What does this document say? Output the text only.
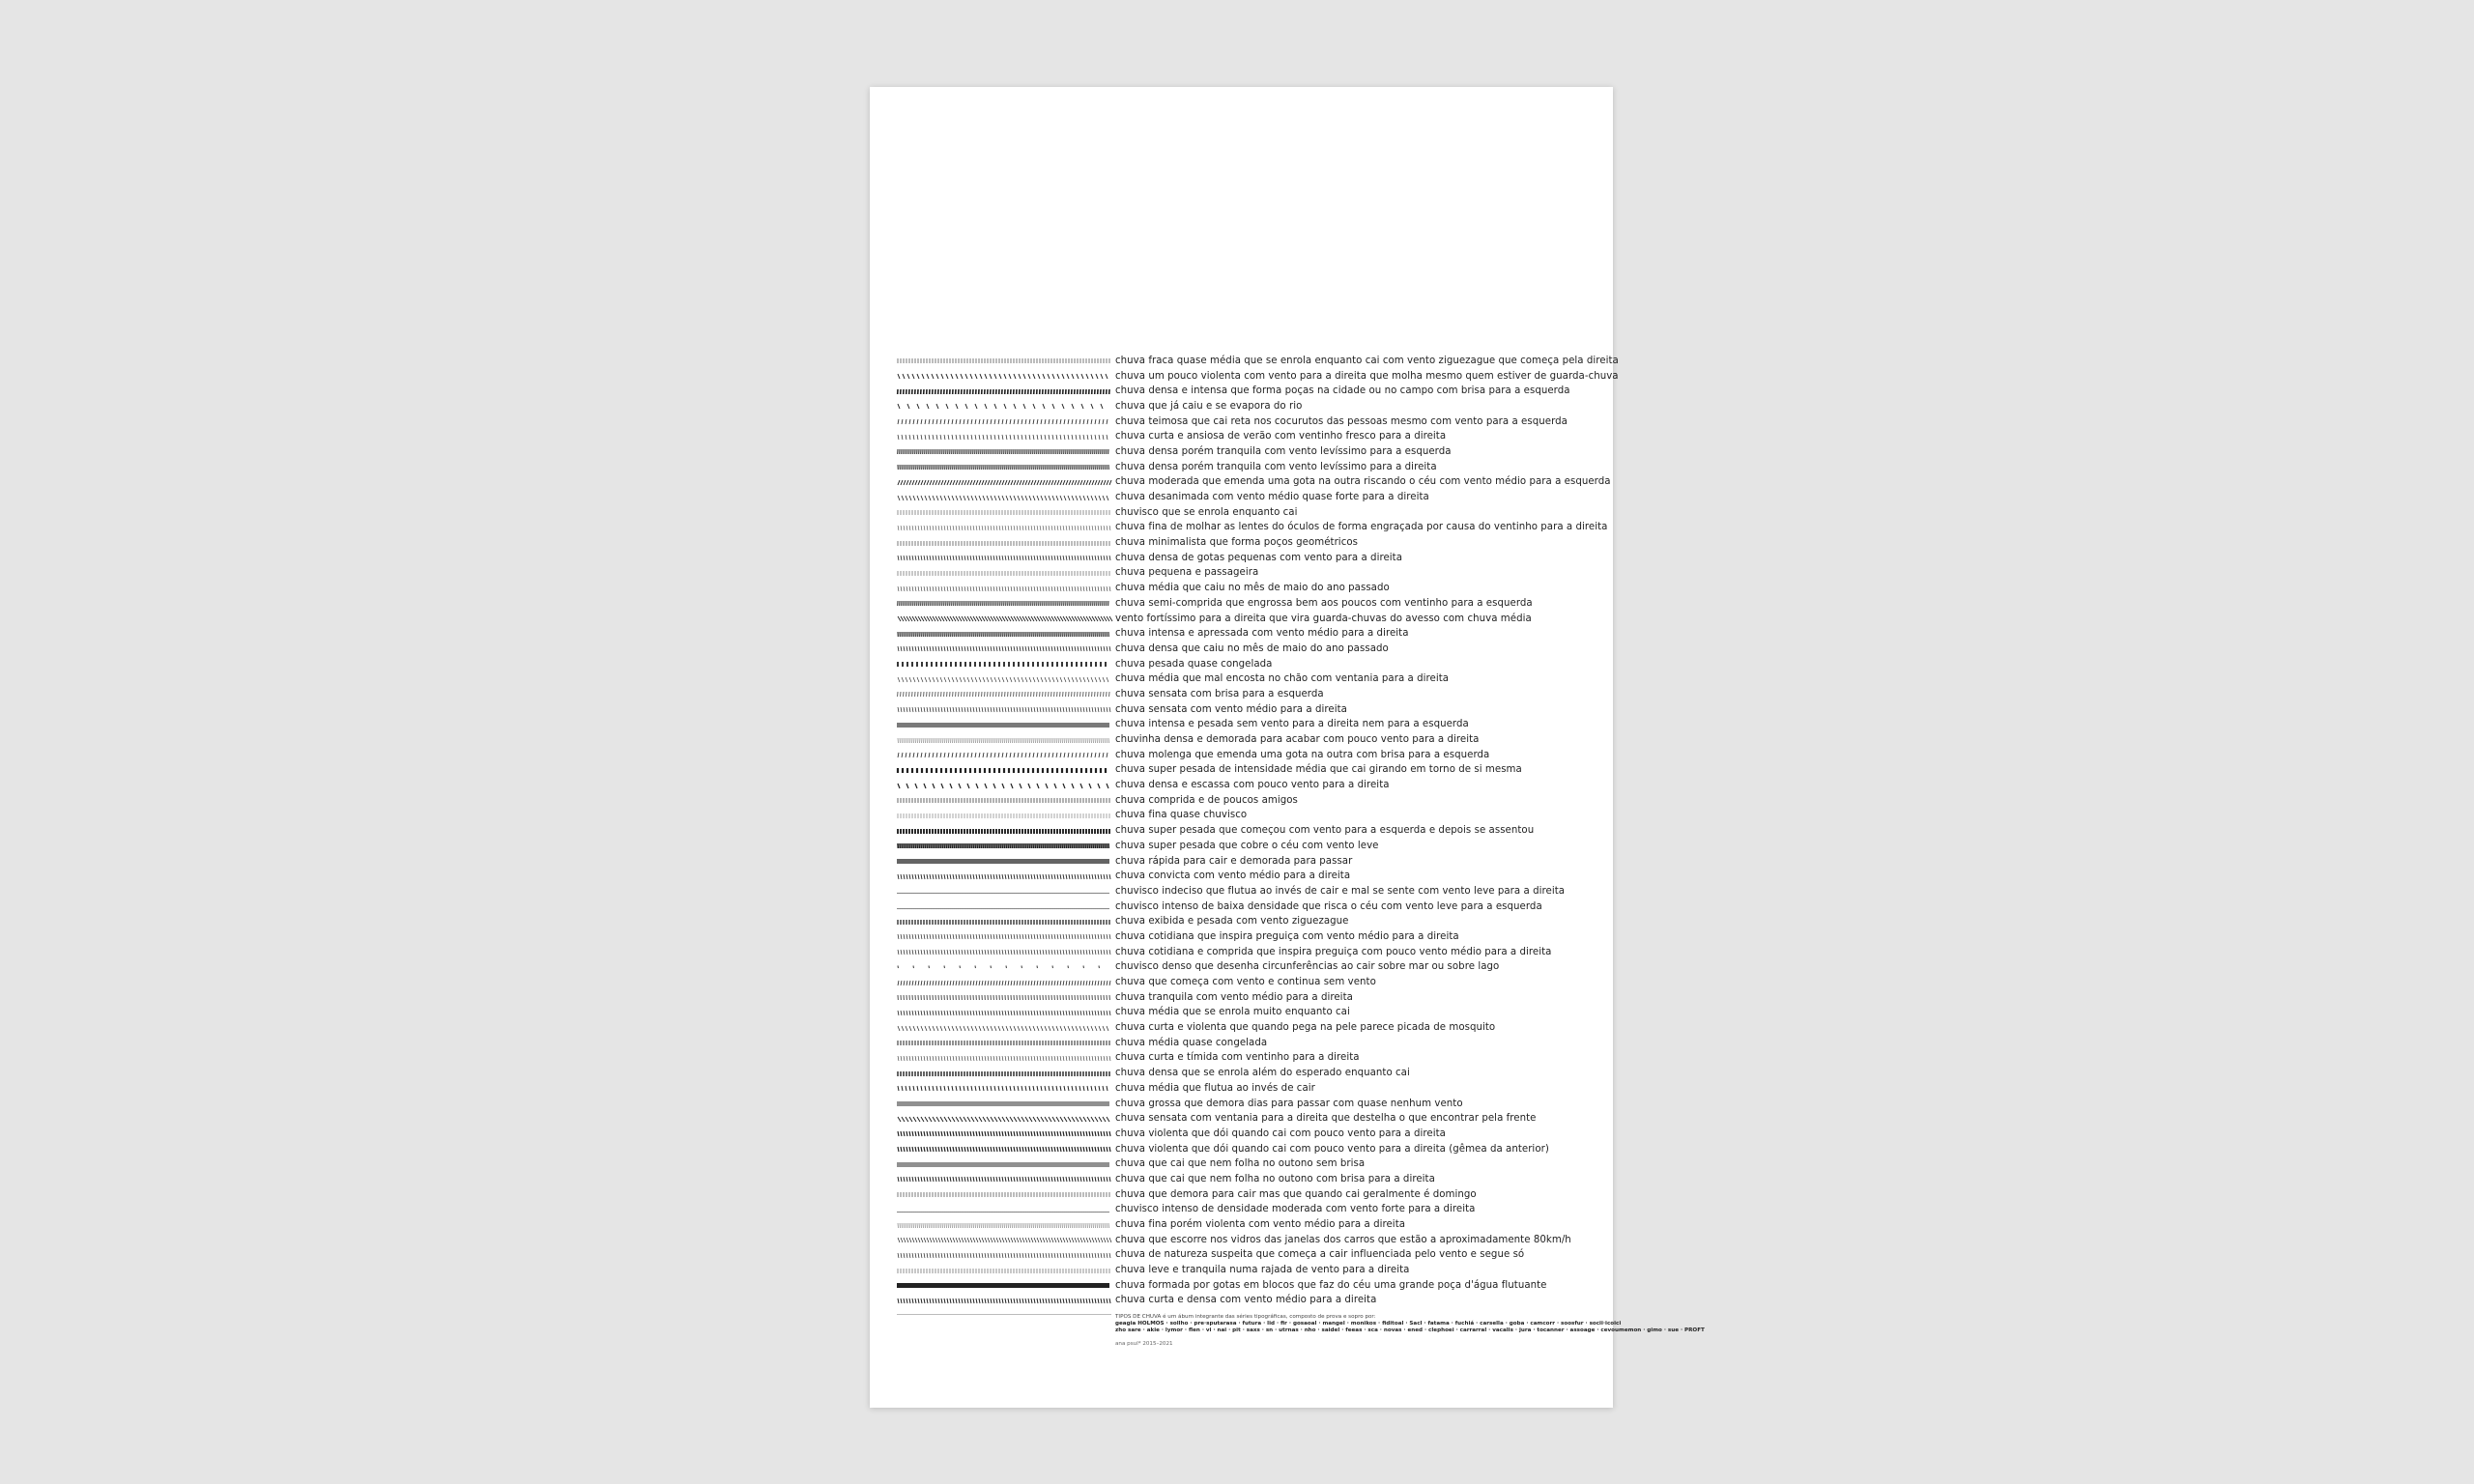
chuva fraca quase média que se enrola enquanto cai com vento ziguezague que começa pela direita
chuva um pouco violenta com vento para a direita que molha mesmo quem estiver de guarda-chuva
chuva densa e intensa que forma poças na cidade ou no campo com brisa para a esquerda
chuva que já caiu e se evapora do rio
chuva teimosa que cai reta nos cocurutos das pessoas mesmo com vento para a esquerda
chuva curta e ansiosa de verão com ventinho fresco para a direita
chuva densa porém tranquila com vento levíssimo para a esquerda
chuva densa porém tranquila com vento levíssimo para a direita
chuva moderada que emenda uma gota na outra riscando o céu com vento médio para a esquerda
chuva desanimada com vento médio quase forte para a direita
chuvisco que se enrola enquanto cai
chuva fina de molhar as lentes do óculos de forma engraçada por causa do ventinho para a direita
chuva minimalista que forma poços geométricos
chuva densa de gotas pequenas com vento para a direita
chuva pequena e passageira
chuva média que caiu no mês de maio do ano passado
chuva semi-comprida que engrossa bem aos poucos com ventinho para a esquerda
vento fortíssimo para a direita que vira guarda-chuvas do avesso com chuva média
chuva intensa e apressada com vento médio para a direita
chuva densa que caiu no mês de maio do ano passado
chuva pesada quase congelada
chuva média que mal encosta no chão com ventania para a direita
chuva sensata com brisa para a esquerda
chuva sensata com vento médio para a direita
chuva intensa e pesada sem vento para a direita nem para a esquerda
chuvinha densa e demorada para acabar com pouco vento para a direita
chuva molenga que emenda uma gota na outra com brisa para a esquerda
chuva super pesada de intensidade média que cai girando em torno de si mesma
chuva densa e escassa com pouco vento para a direita
chuva comprida e de poucos amigos
chuva fina quase chuvisco
chuva super pesada que começou com vento para a esquerda e depois se assentou
chuva super pesada que cobre o céu com vento leve
chuva rápida para cair e demorada para passar
chuva convicta com vento médio para a direita
chuvisco indeciso que flutua ao invés de cair e mal se sente com vento leve para a direita
chuvisco intenso de baixa densidade que risca o céu com vento leve para a esquerda
chuva exibida e pesada com vento ziguezague
chuva cotidiana que inspira preguiça com vento médio para a direita
chuva cotidiana e comprida que inspira preguiça com pouco vento médio para a direita
chuvisco denso que desenha circunferências ao cair sobre mar ou sobre lago
chuva que começa com vento e continua sem vento
chuva tranquila com vento médio para a direita
chuva média que se enrola muito enquanto cai
chuva curta e violenta que quando pega na pele parece picada de mosquito
chuva média quase congelada
chuva curta e tímida com ventinho para a direita
chuva densa que se enrola além do esperado enquanto cai
chuva média que flutua ao invés de cair
chuva grossa que demora dias para passar com quase nenhum vento
chuva sensata com ventania para a direita que destelha o que encontrar pela frente
chuva violenta que dói quando cai com pouco vento para a direita
chuva violenta que dói quando cai com pouco vento para a direita (gêmea da anterior)
chuva que cai que nem folha no outono sem brisa
chuva que cai que nem folha no outono com brisa para a direita
chuva que demora para cair mas que quando cai geralmente é domingo
chuvisco intenso de densidade moderada com vento forte para a direita
chuva fina porém violenta com vento médio para a direita
chuva que escorre nos vidros das janelas dos carros que estão a aproximadamente 80km/h
chuva de natureza suspeita que começa a cair influenciada pelo vento e segue só
chuva leve e tranquila numa rajada de vento para a direita
chuva formada por gotas em blocos que faz do céu uma grande poça d'água flutuante
chuva curta e densa com vento médio para a direita
TIPOS DE CHUVA é um ábum integrante das séries tipográficas, composto de prova e sopro por:
geagia HOLMOS · sollho · pre·sputarasa · futura · lid · fir · gosaoal · mangel · monikos · fiditoal · Sacl · fatama · fuchiá · carsella · goba · camcorr · soosfur · socii·icoici
zho sare · akie · lymor · flen · vi · nai · pit · saxs · sn · utrnas · nho · saidel · feeas · sca · novas · ened · clephoei · carrarral · vacalis · jura · tocanner · assoage · cevoumemon · gimo · sue · PROFT
ana psul* 2015–2021
